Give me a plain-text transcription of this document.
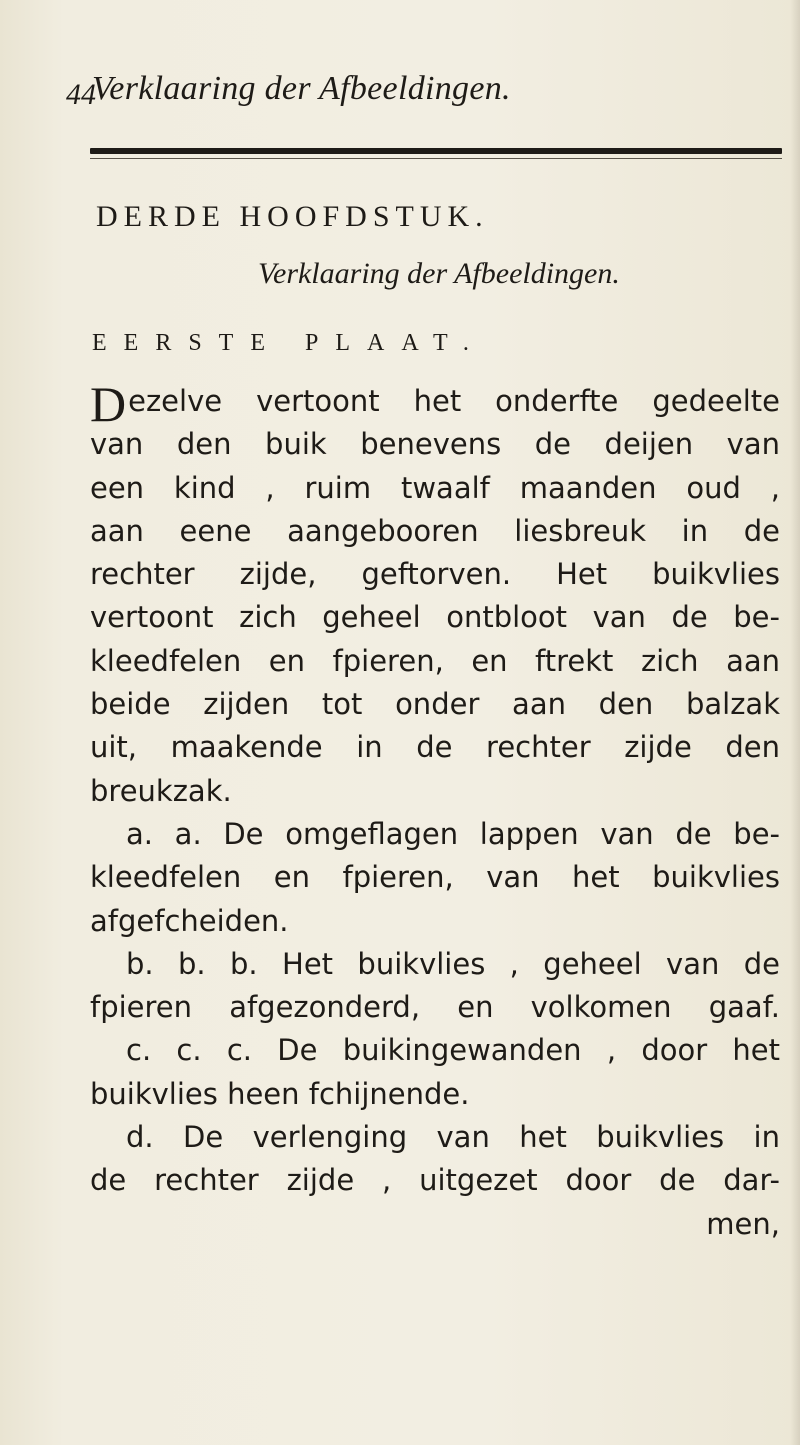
44
Verklaaring der Afbeeldingen.
DERDE HOOFDSTUK.
Verklaaring der Afbeeldingen.
EERSTE PLAAT.
Dezelve vertoont het onderfte gedeelte
van den buik benevens de deijen van
een kind , ruim twaalf maanden oud ,
aan eene aangebooren liesbreuk in de
rechter zijde, geftorven. Het buikvlies
vertoont zich geheel ontbloot van de be-
kleedfelen en fpieren, en ftrekt zich aan
beide zijden tot onder aan den balzak
uit, maakende in de rechter zijde den
breukzak.
a. a. De omgeflagen lappen van de be-
kleedfelen en fpieren, van het buikvlies
afgefcheiden.
b. b. b. Het buikvlies , geheel van de
fpieren afgezonderd, en volkomen gaaf.
c. c. c. De buikingewanden , door het
buikvlies heen fchijnende.
d. De verlenging van het buikvlies in
de rechter zijde , uitgezet door de dar-
men,
